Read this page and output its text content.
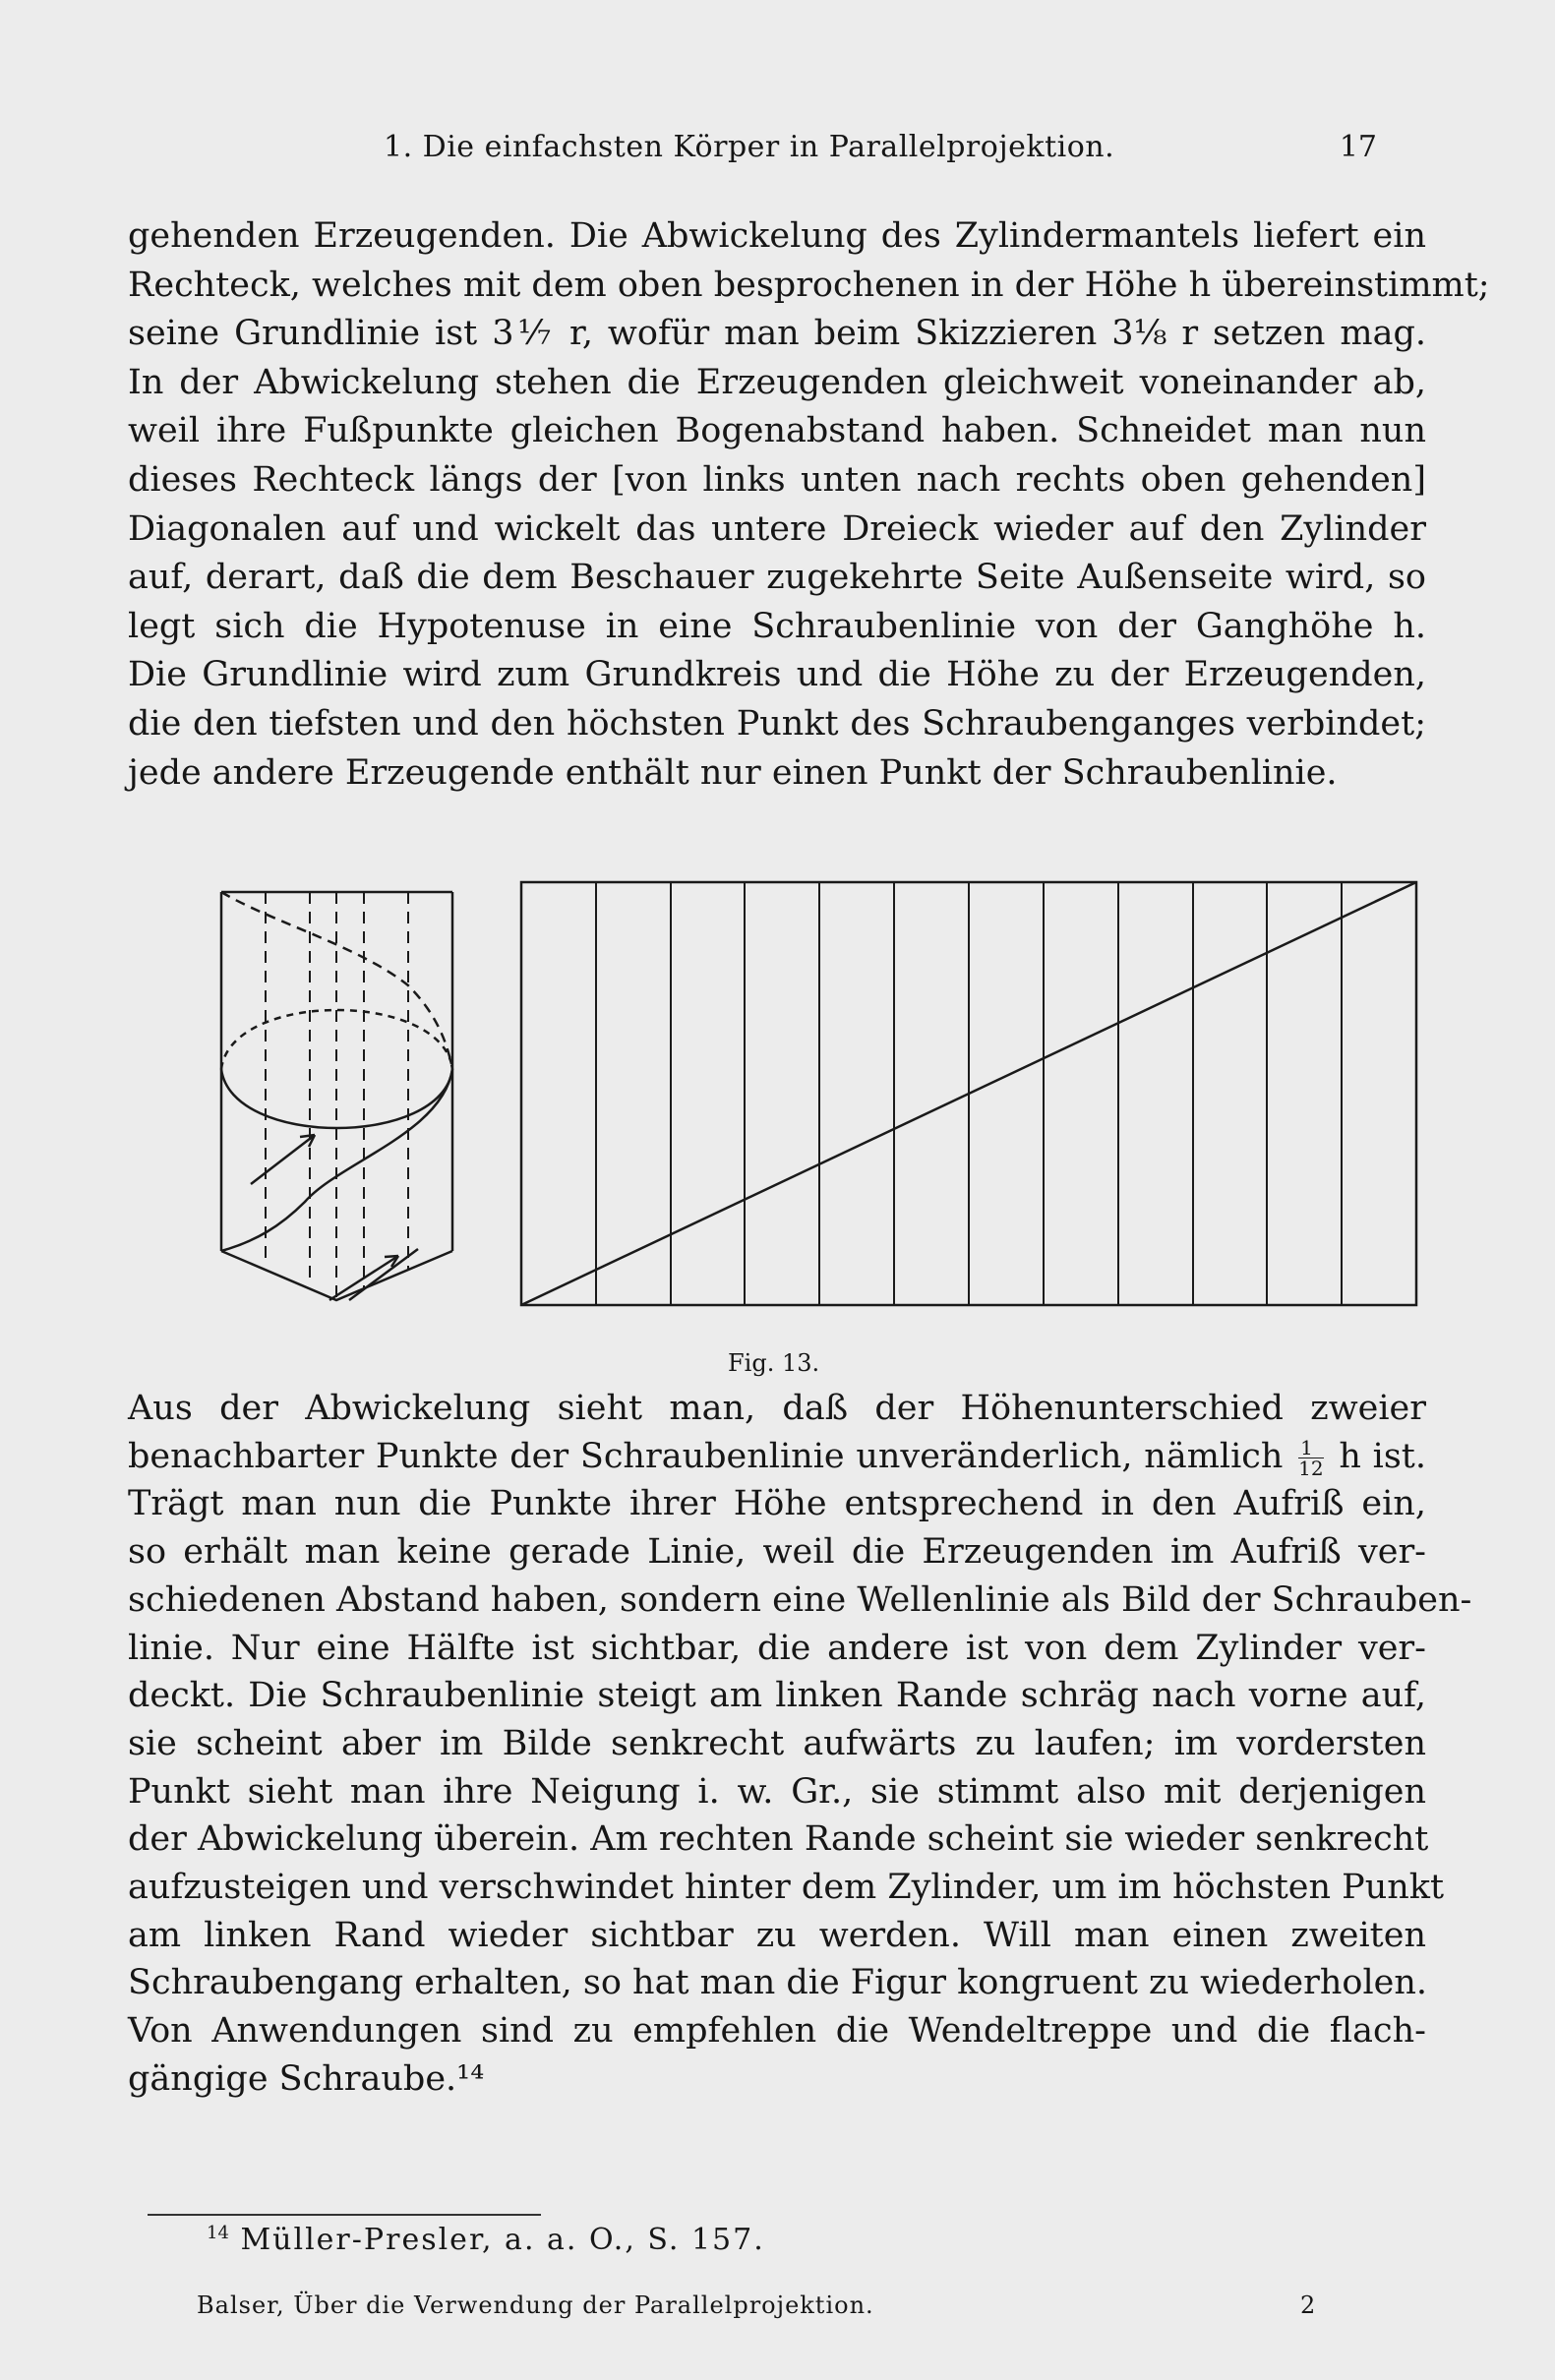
1. Die einfachsten Körper in Parallelprojektion.	17
gehenden Erzeugenden. Die Abwickelung des Zylindermantels liefert ein
Rechteck, welches mit dem oben besprochenen in der Höhe h übereinstimmt;
seine Grundlinie ist 3⅐ r, wofür man beim Skizzieren 3⅛ r setzen mag.
In der Abwickelung stehen die Erzeugenden gleichweit voneinander ab,
weil ihre Fußpunkte gleichen Bogenabstand haben. Schneidet man nun
dieses Rechteck längs der [von links unten nach rechts oben gehenden]
Diagonalen auf und wickelt das untere Dreieck wieder auf den Zylinder
auf, derart, daß die dem Beschauer zugekehrte Seite Außenseite wird, so
legt sich die Hypotenuse in eine Schraubenlinie von der Ganghöhe h.
Die Grundlinie wird zum Grundkreis und die Höhe zu der Erzeugenden,
die den tiefsten und den höchsten Punkt des Schraubenganges verbindet;
jede andere Erzeugende enthält nur einen Punkt der Schraubenlinie.
Fig. 13.
Aus der Abwickelung sieht man, daß der Höhenunterschied zweier
benachbarter Punkte der Schraubenlinie unveränderlich, nämlich $\frac{1}{12}$ h ist.
Trägt man nun die Punkte ihrer Höhe entsprechend in den Aufriß ein,
so erhält man keine gerade Linie, weil die Erzeugenden im Aufriß ver-
schiedenen Abstand haben, sondern eine Wellenlinie als Bild der Schrauben-
linie. Nur eine Hälfte ist sichtbar, die andere ist von dem Zylinder ver-
deckt. Die Schraubenlinie steigt am linken Rande schräg nach vorne auf,
sie scheint aber im Bilde senkrecht aufwärts zu laufen; im vordersten
Punkt sieht man ihre Neigung i. w. Gr., sie stimmt also mit derjenigen
der Abwickelung überein. Am rechten Rande scheint sie wieder senkrecht
aufzusteigen und verschwindet hinter dem Zylinder, um im höchsten Punkt
am linken Rand wieder sichtbar zu werden. Will man einen zweiten
Schraubengang erhalten, so hat man die Figur kongruent zu wiederholen.
Von Anwendungen sind zu empfehlen die Wendeltreppe und die flach-
gängige Schraube.¹⁴
$^{14}$ Müller-Presler, a. a. O., S. 157.
Balser, Über die Verwendung der Parallelprojektion.	2
